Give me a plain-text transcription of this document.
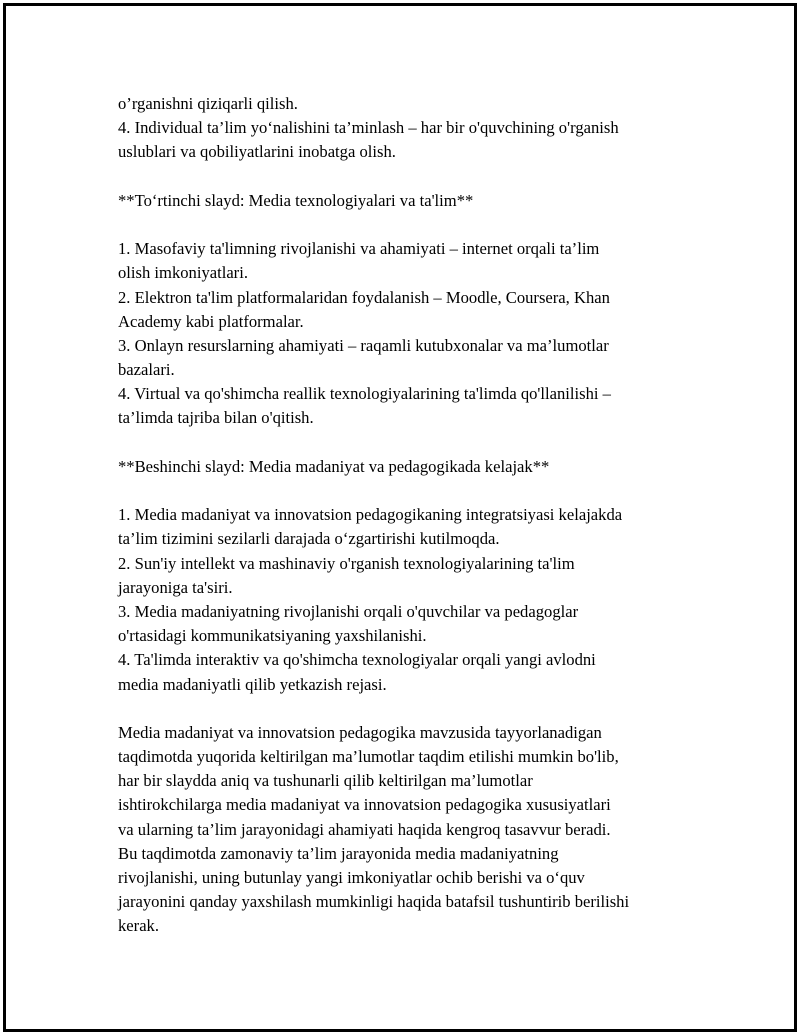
o’rganishni qiziqarli qilish.
4. Individual ta’lim yo‘nalishini ta’minlash – har bir o'quvchining o'rganish
uslublari va qobiliyatlarini inobatga olish.
**To‘rtinchi slayd: Media texnologiyalari va ta'lim**
1. Masofaviy ta'limning rivojlanishi va ahamiyati – internet orqali ta’lim
olish imkoniyatlari.
2. Elektron ta'lim platformalaridan foydalanish – Moodle, Coursera, Khan
Academy kabi platformalar.
3. Onlayn resurslarning ahamiyati – raqamli kutubxonalar va ma’lumotlar
bazalari.
4. Virtual va qo'shimcha reallik texnologiyalarining ta'limda qo'llanilishi –
ta’limda tajriba bilan o'qitish.
**Beshinchi slayd: Media madaniyat va pedagogikada kelajak**
1. Media madaniyat va innovatsion pedagogikaning integratsiyasi kelajakda
ta’lim tizimini sezilarli darajada o‘zgartirishi kutilmoqda.
2. Sun'iy intellekt va mashinaviy o'rganish texnologiyalarining ta'lim
jarayoniga ta'siri.
3. Media madaniyatning rivojlanishi orqali o'quvchilar va pedagoglar
o'rtasidagi kommunikatsiyaning yaxshilanishi.
4. Ta'limda interaktiv va qo'shimcha texnologiyalar orqali yangi avlodni
media madaniyatli qilib yetkazish rejasi.
Media madaniyat va innovatsion pedagogika mavzusida tayyorlanadigan
taqdimotda yuqorida keltirilgan ma’lumotlar taqdim etilishi mumkin bo'lib,
har bir slaydda aniq va tushunarli qilib keltirilgan ma’lumotlar
ishtirokchilarga media madaniyat va innovatsion pedagogika xususiyatlari
va ularning ta’lim jarayonidagi ahamiyati haqida kengroq tasavvur beradi.
Bu taqdimotda zamonaviy ta’lim jarayonida media madaniyatning
rivojlanishi, uning butunlay yangi imkoniyatlar ochib berishi va o‘quv
jarayonini qanday yaxshilash mumkinligi haqida batafsil tushuntirib berilishi
kerak.
